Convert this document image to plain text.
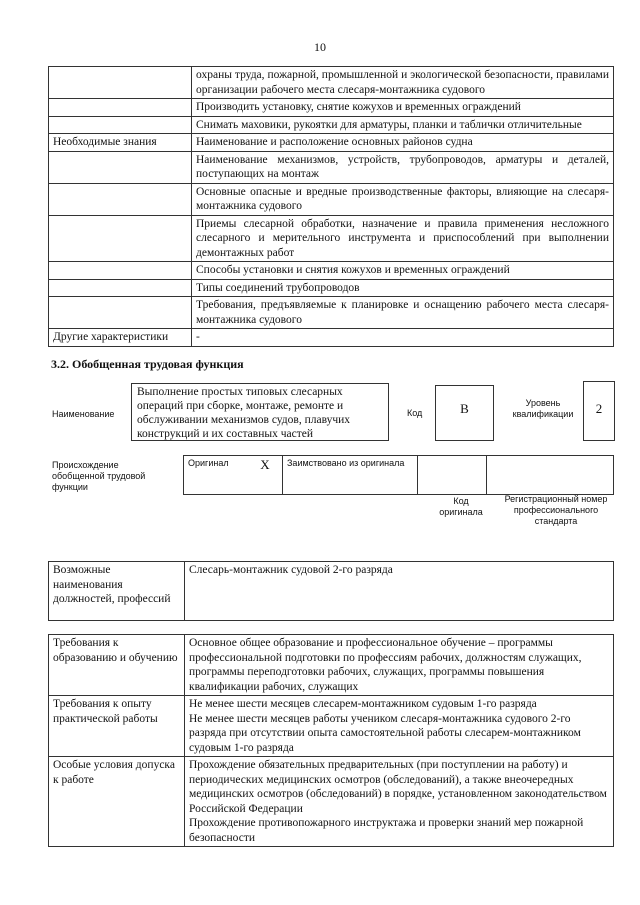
10
	охраны труда, пожарной, промышленной и экологической безопасности, правилами организации рабочего места слесаря-монтажника судового
	Производить установку, снятие кожухов и временных ограждений
	Снимать маховики, рукоятки для арматуры, планки и таблички отличительные
Необходимые знания	Наименование и расположение основных районов судна
	Наименование механизмов, устройств, трубопроводов, арматуры и деталей, поступающих на монтаж
	Основные опасные и вредные производственные факторы, влияющие на слесаря-монтажника судового
	Приемы слесарной обработки, назначение и правила применения несложного слесарного и мерительного инструмента и приспособлений при выполнении демонтажных работ
	Способы установки и снятия кожухов и временных ограждений
	Типы соединений трубопроводов
	Требования, предъявляемые к планировке и оснащению рабочего места слесаря-монтажника судового
Другие характеристики	-
3.2. Обобщенная трудовая функция
Наименование
Выполнение простых типовых слесарных операций при сборке, монтаже, ремонте и обслуживании механизмов судов, плавучих конструкций и их составных частей
Код	B	Уровень квалификации	2
Происхождение обобщенной трудовой функции
Оригинал	X	Заимствовано из оригинала		
Код оригинала
Регистрационный номер профессионального стандарта
Возможные наименования должностей, профессий	Слесарь-монтажник судовой 2-го разряда
Требования к образованию и обучению	Основное общее образование и профессиональное обучение – программы профессиональной подготовки по профессиям рабочих, должностям служащих, программы переподготовки рабочих, служащих, программы повышения квалификации рабочих, служащих

Требования к опыту практической работы	Не менее шести месяцев слесарем-монтажником судовым 1-го разряда
Не менее шести месяцев работы учеником слесаря-монтажника судового 2-го разряда при отсутствии опыта самостоятельной работы слесарем-монтажником судовым 1-го разряда

Особые условия допуска к работе	Прохождение обязательных предварительных (при поступлении на работу) и периодических медицинских осмотров (обследований), а также внеочередных медицинских осмотров (обследований) в порядке, установленном законодательством Российской Федерации
Прохождение противопожарного инструктажа и проверки знаний мер пожарной безопасности
